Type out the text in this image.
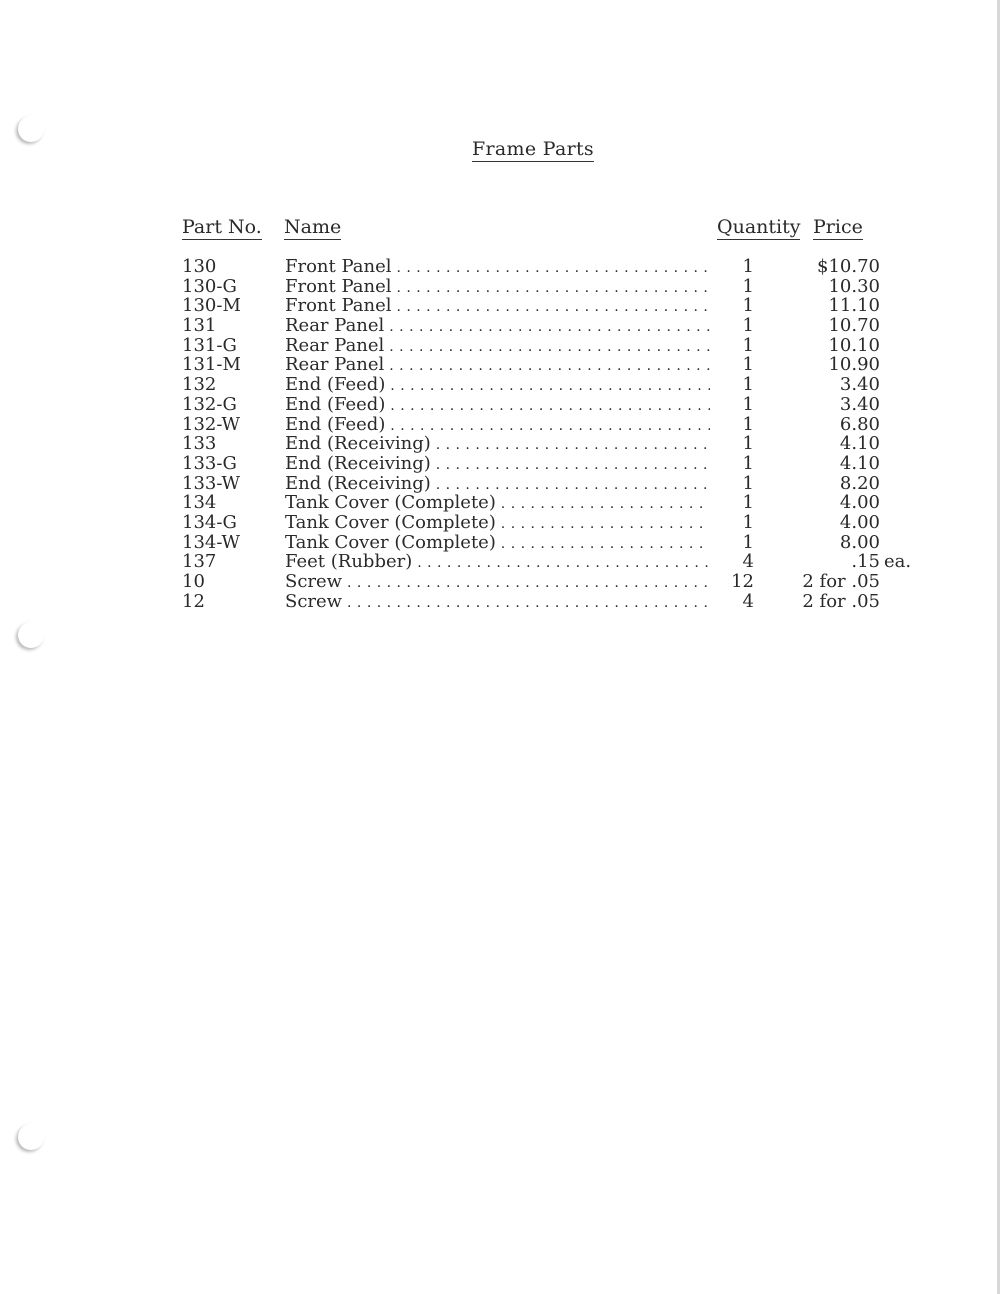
Frame Parts
Part No. Name	Quantity Price
130	Front Panel . . .	1	$10.70
130-G	Front Panel . . .	1	10.30
130-M Front Panel . . .	1	11.10
131	Rear Panel . . .	1	10.70
131-G	Rear Panel . . .	1	10.10
131-M Rear Panel . . .	1	10.90
132	End (Feed) . . .	1	3.40
132-G	End (Feed) . . .	1	3.40
132-W	End (Feed) . . .	1	6.80
133	End (Receiving) . . .	1	4.10
133-G	End (Receiving) . . .	1	4.10
133-W	End (Receiving) . . .	1	8.20
134	Tank Cover (Complete) . . .	1	4.00
134-G	Tank Cover (Complete) . . .	1	4.00
134-W	Tank Cover (Complete) . . .	1	8.00
137	Feet (Rubber) . . .	4	.15 ea.
10	Screw . . .	12	2 for .05
12	Screw . . .	4	2 for .05
